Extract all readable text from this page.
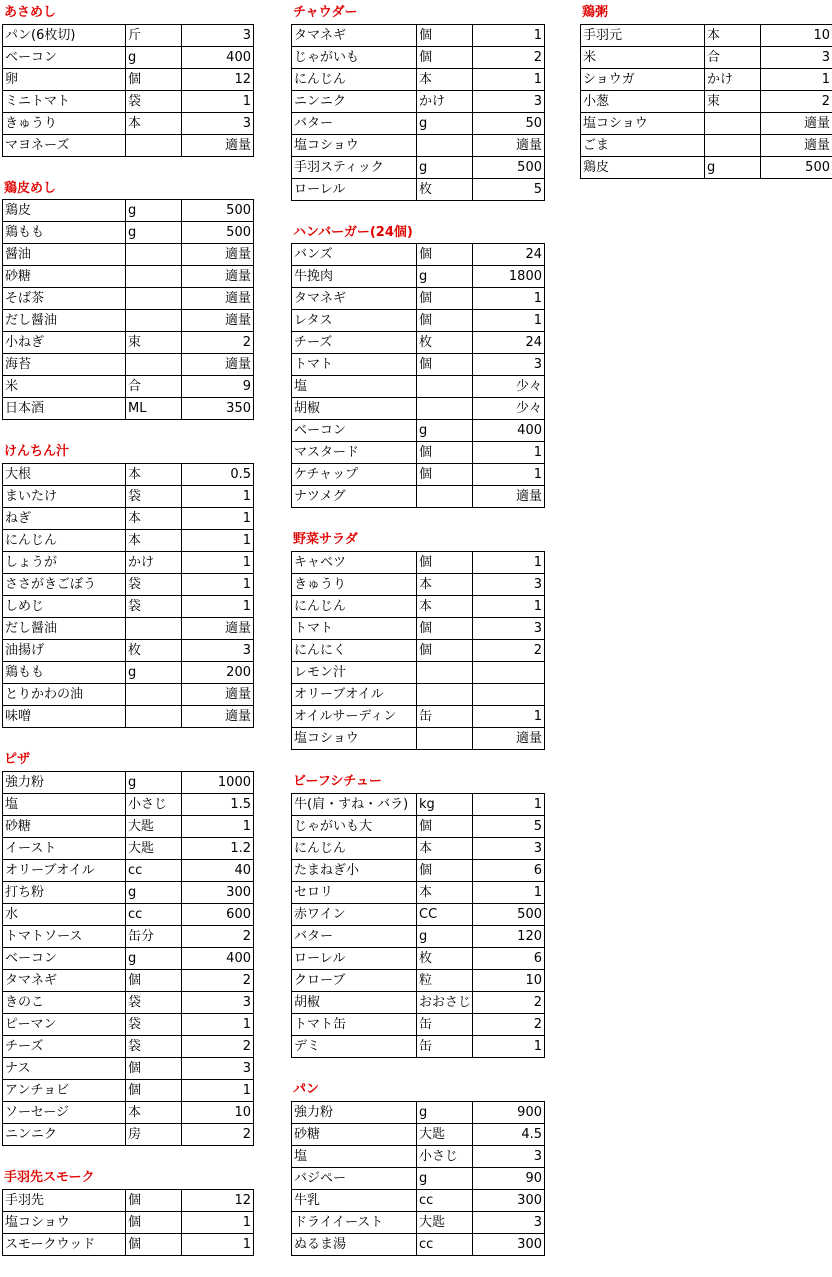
あさめし
パン(6枚切)	斤	3
ベーコン	g	400
卵	個	12
ミニトマト	袋	1
きゅうり	本	3
マヨネーズ		適量
鶏皮めし
鶏皮	g	500
鶏もも	g	500
醤油		適量
砂糖		適量
そば茶		適量
だし醤油		適量
小ねぎ	束	2
海苔		適量
米	合	9
日本酒	ML	350
けんちん汁
大根	本	0.5
まいたけ	袋	1
ねぎ	本	1
にんじん	本	1
しょうが	かけ	1
ささがきごぼう	袋	1
しめじ	袋	1
だし醤油		適量
油揚げ	枚	3
鶏もも	g	200
とりかわの油		適量
味噌		適量
ピザ
強力粉	g	1000
塩	小さじ	1.5
砂糖	大匙	1
イースト	大匙	1.2
オリーブオイル	cc	40
打ち粉	g	300
水	cc	600
トマトソース	缶分	2
ベーコン	g	400
タマネギ	個	2
きのこ	袋	3
ピーマン	袋	1
チーズ	袋	2
ナス	個	3
アンチョビ	個	1
ソーセージ	本	10
ニンニク	房	2
手羽先スモーク
手羽先	個	12
塩コショウ	個	1
スモークウッド	個	1
チャウダー
タマネギ	個	1
じゃがいも	個	2
にんじん	本	1
ニンニク	かけ	3
バター	g	50
塩コショウ		適量
手羽スティック	g	500
ローレル	枚	5
ハンバーガー(24個)
バンズ	個	24
牛挽肉	g	1800
タマネギ	個	1
レタス	個	1
チーズ	枚	24
トマト	個	3
塩		少々
胡椒		少々
ベーコン	g	400
マスタード	個	1
ケチャップ	個	1
ナツメグ		適量
野菜サラダ
キャベツ	個	1
きゅうり	本	3
にんじん	本	1
トマト	個	3
にんにく	個	2
レモン汁		
オリーブオイル		
オイルサーディン	缶	1
塩コショウ		適量
ビーフシチュー
牛(肩・すね・バラ)	kg	1
じゃがいも大	個	5
にんじん	本	3
たまねぎ小	個	6
セロリ	本	1
赤ワイン	CC	500
バター	g	120
ローレル	枚	6
クローブ	粒	10
胡椒	おおさじ	2
トマト缶	缶	2
デミ	缶	1
パン
強力粉	g	900
砂糖	大匙	4.5
塩	小さじ	3
バジペー	g	90
牛乳	cc	300
ドライイースト	大匙	3
ぬるま湯	cc	300
鶏粥
手羽元	本	10
米	合	3
ショウガ	かけ	1
小葱	束	2
塩コショウ		適量
ごま		適量
鶏皮	g	500
